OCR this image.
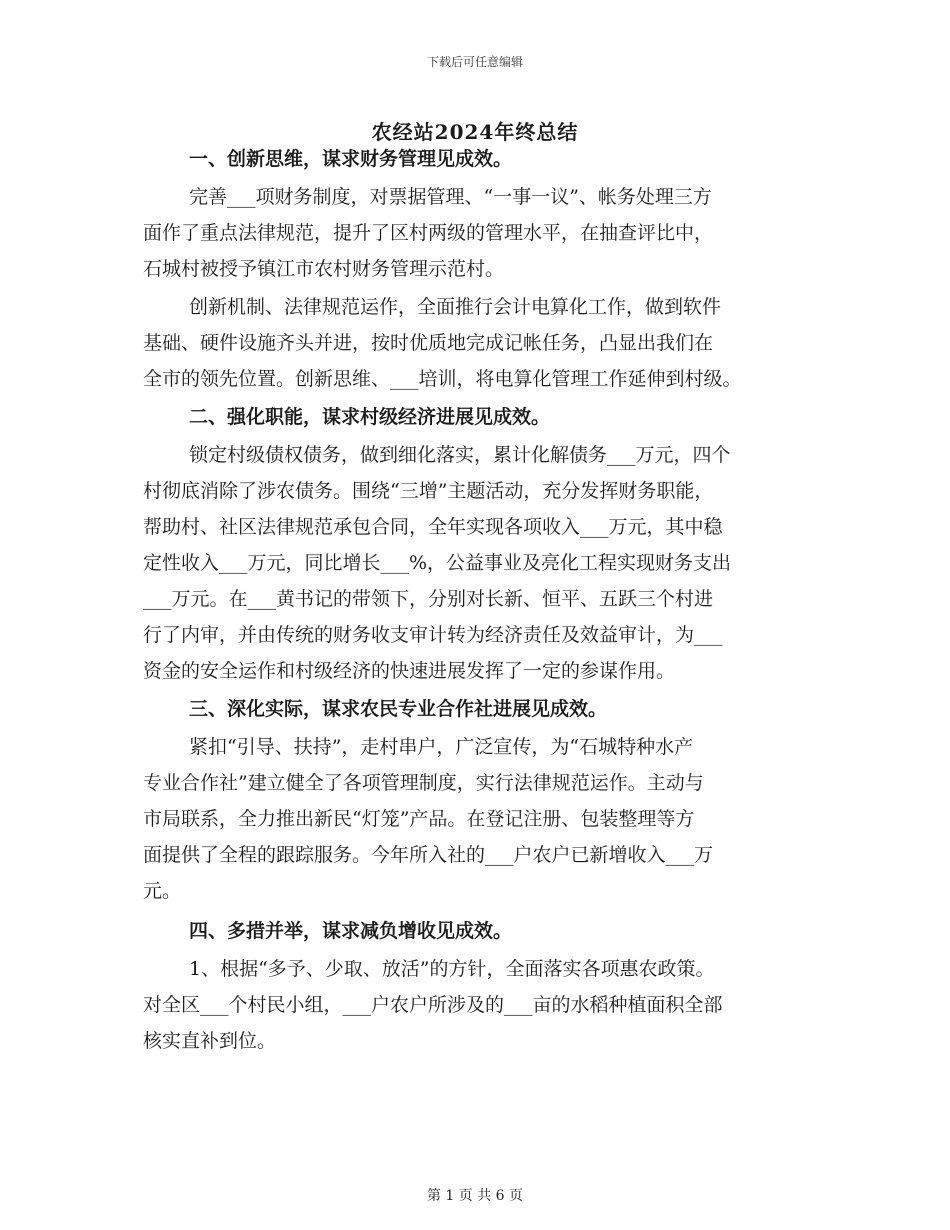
下载后可任意编辑
农经站2024年终总结

一、创新思维，谋求财务管理见成效。

完善___项财务制度，对票据管理、“一事一议”、帐务处理三方
面作了重点法律规范，提升了区村两级的管理水平，在抽查评比中，
石城村被授予镇江市农村财务管理示范村。

创新机制、法律规范运作，全面推行会计电算化工作，做到软件
基础、硬件设施齐头并进，按时优质地完成记帐任务，凸显出我们在
全市的领先位置。创新思维、___培训，将电算化管理工作延伸到村级。

二、强化职能，谋求村级经济进展见成效。

锁定村级债权债务，做到细化落实，累计化解债务___万元，四个
村彻底消除了涉农债务。围绕“三增”主题活动，充分发挥财务职能，
帮助村、社区法律规范承包合同，全年实现各项收入___万元，其中稳
定性收入___万元，同比增长___%，公益事业及亮化工程实现财务支出
___万元。在___黄书记的带领下，分别对长新、恒平、五跃三个村进
行了内审，并由传统的财务收支审计转为经济责任及效益审计，为___
资金的安全运作和村级经济的快速进展发挥了一定的参谋作用。

三、深化实际，谋求农民专业合作社进展见成效。

紧扣“引导、扶持”，走村串户，广泛宣传，为“石城特种水产
专业合作社”建立健全了各项管理制度，实行法律规范运作。主动与
市局联系，全力推出新民“灯笼”产品。在登记注册、包装整理等方
面提供了全程的跟踪服务。今年所入社的___户农户已新增收入___万
元。

四、多措并举，谋求减负增收见成效。

1、根据“多予、少取、放活”的方针，全面落实各项惠农政策。
对全区___个村民小组，___户农户所涉及的___亩的水稻种植面积全部
核实直补到位。

第 1 页 共 6 页
